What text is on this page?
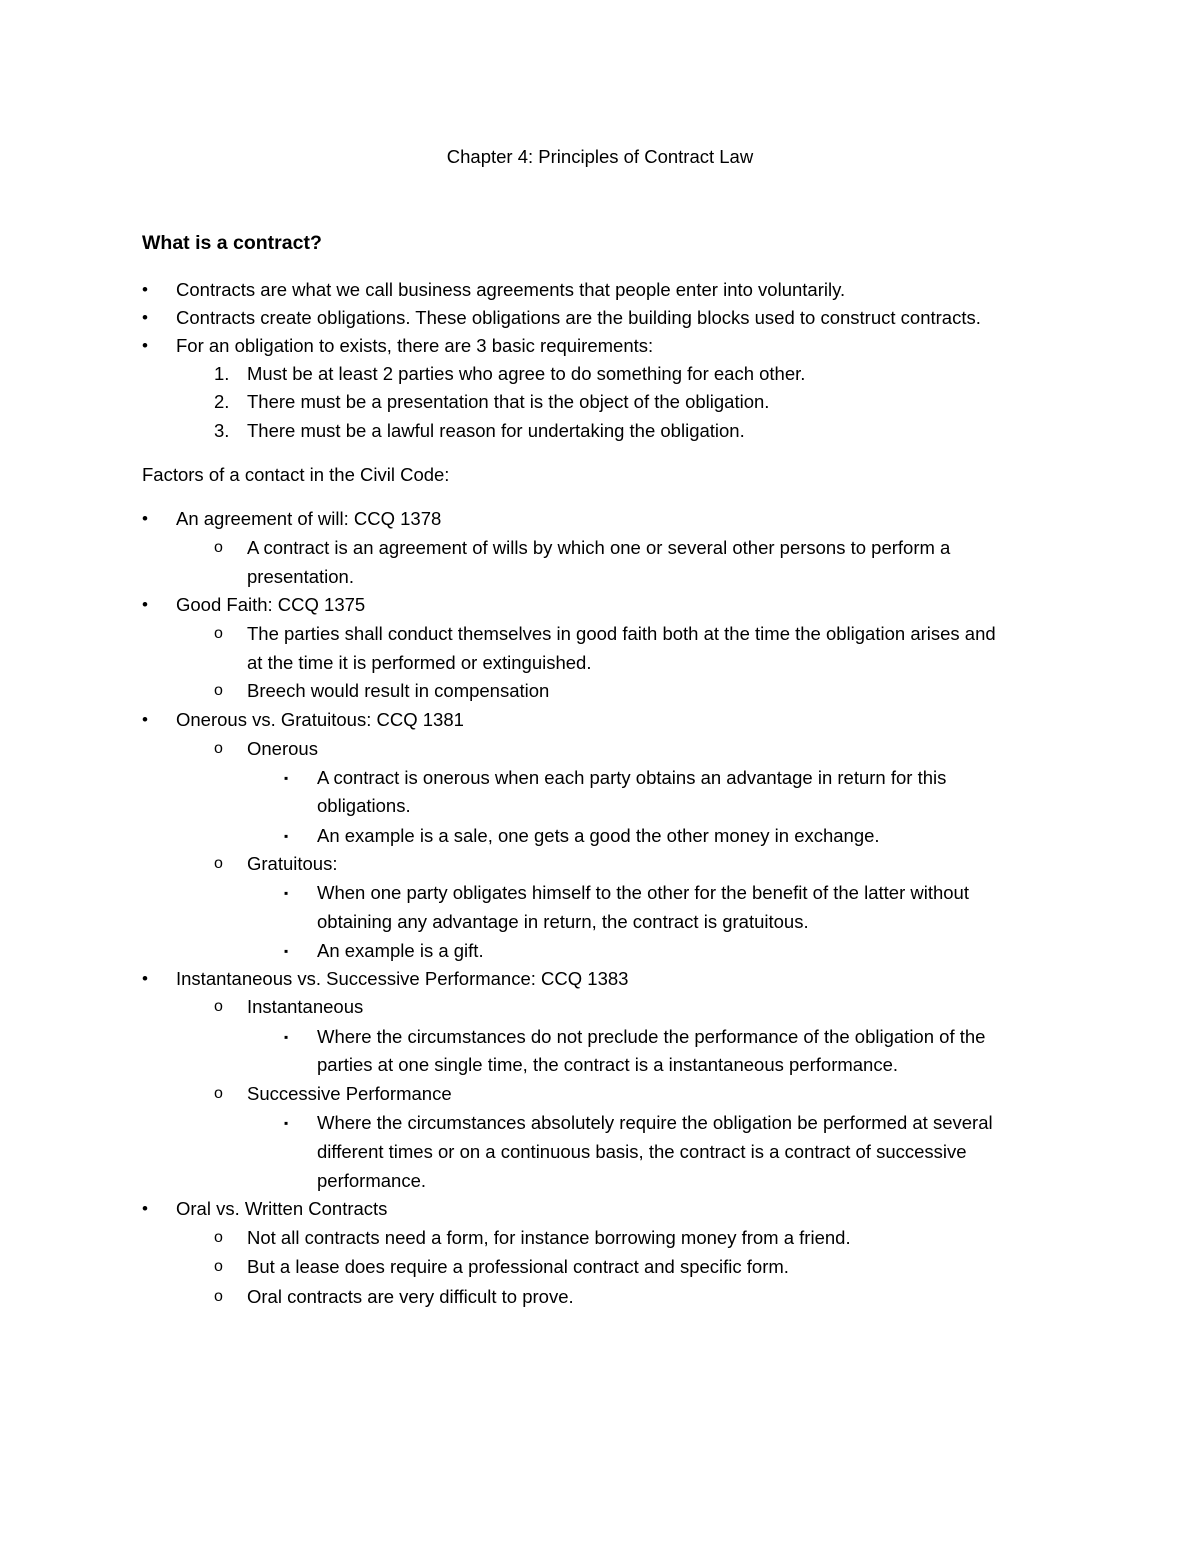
Chapter 4: Principles of Contract Law
What is a contract?
• Contracts are what we call business agreements that people enter into voluntarily.
• Contracts create obligations. These obligations are the building blocks used to construct contracts.
• For an obligation to exists, there are 3 basic requirements:
1. Must be at least 2 parties who agree to do something for each other.
2. There must be a presentation that is the object of the obligation.
3. There must be a lawful reason for undertaking the obligation.
Factors of a contact in the Civil Code:
• An agreement of will: CCQ 1378
o A contract is an agreement of wills by which one or several other persons to perform a
presentation.
• Good Faith: CCQ 1375
o The parties shall conduct themselves in good faith both at the time the obligation arises and
at the time it is performed or extinguished.
o Breech would result in compensation
• Onerous vs. Gratuitous: CCQ 1381
o Onerous
▪ A contract is onerous when each party obtains an advantage in return for this
obligations.
▪ An example is a sale, one gets a good the other money in exchange.
o Gratuitous:
▪ When one party obligates himself to the other for the benefit of the latter without
obtaining any advantage in return, the contract is gratuitous.
▪ An example is a gift.
• Instantaneous vs. Successive Performance: CCQ 1383
o Instantaneous
▪ Where the circumstances do not preclude the performance of the obligation of the
parties at one single time, the contract is a instantaneous performance.
o Successive Performance
▪ Where the circumstances absolutely require the obligation be performed at several
different times or on a continuous basis, the contract is a contract of successive
performance.
• Oral vs. Written Contracts
o Not all contracts need a form, for instance borrowing money from a friend.
o But a lease does require a professional contract and specific form.
o Oral contracts are very difficult to prove.
